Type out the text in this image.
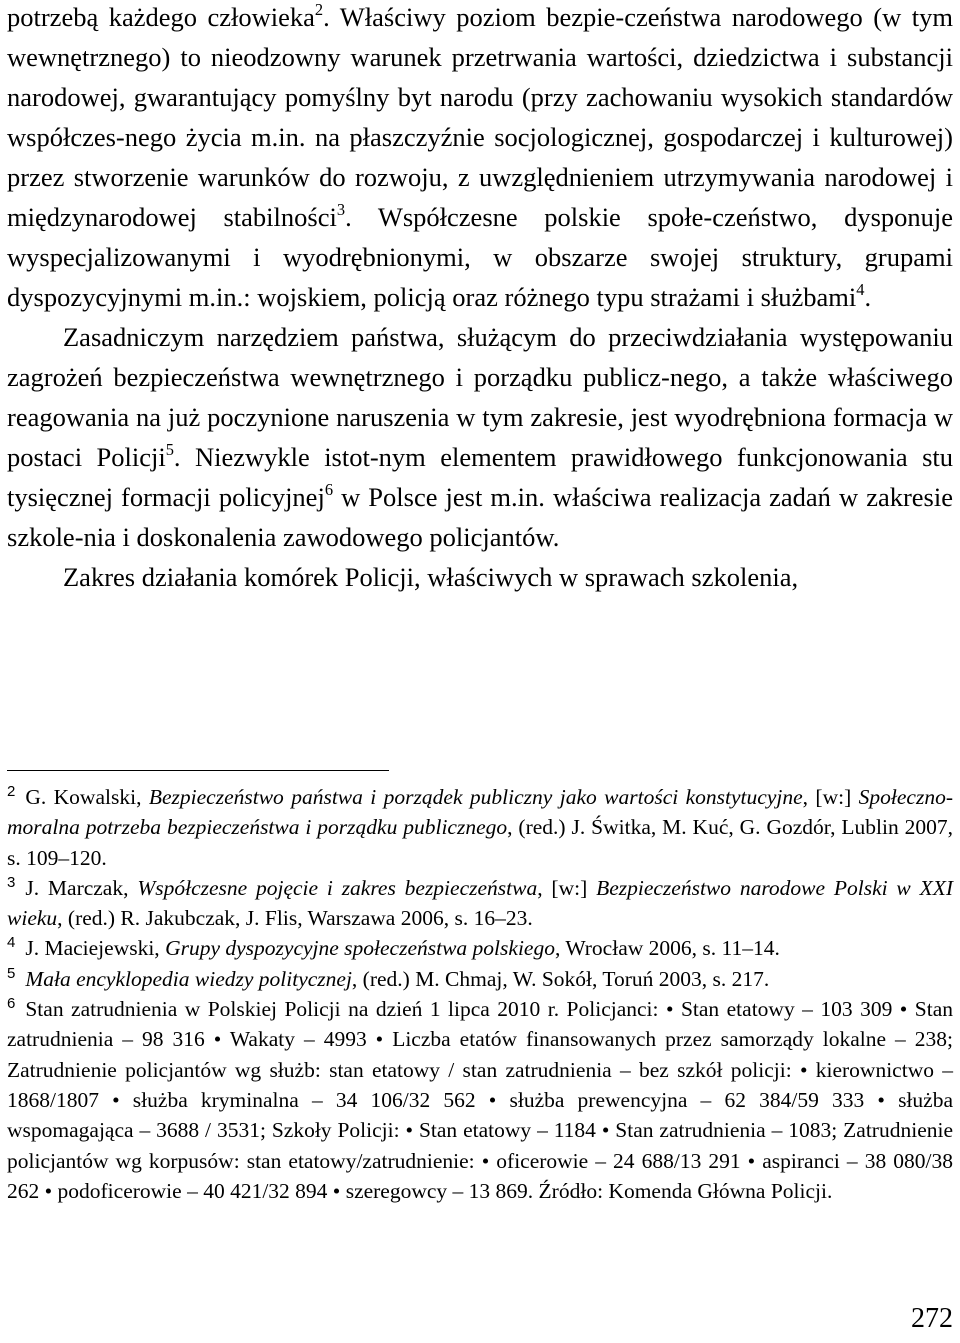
potrzebą każdego człowieka$^2$. Właściwy poziom bezpie-czeństwa narodowego (w tym wewnętrznego) to nieodzowny warunek przetrwania wartości, dziedzictwa i substancji narodowej, gwarantujący pomyślny byt narodu (przy zachowaniu wysokich standardów współczes-nego życia m.in. na płaszczyźnie socjologicznej, gospodarczej i kulturowej) przez stworzenie warunków do rozwoju, z uwzględnieniem utrzymywania narodowej i międzynarodowej stabilności$^3$. Współczesne polskie społe-czeństwo, dysponuje wyspecjalizowanymi i wyodrębnionymi, w obszarze swojej struktury, grupami dyspozycyjnymi m.in.: wojskiem, policją oraz różnego typu strażami i służbami$^4$.

Zasadniczym narzędziem państwa, służącym do przeciwdziałania występowaniu zagrożeń bezpieczeństwa wewnętrznego i porządku publicz-nego, a także właściwego reagowania na już poczynione naruszenia w tym zakresie, jest wyodrębniona formacja w postaci Policji$^5$. Niezwykle istot-nym elementem prawidłowego funkcjonowania stu tysięcznej formacji policyjnej$^6$ w Polsce jest m.in. właściwa realizacja zadań w zakresie szkole-nia i doskonalenia zawodowego policjantów.

Zakres działania komórek Policji, właściwych w sprawach szkolenia,

$^2$ G. Kowalski, Bezpieczeństwo państwa i porządek publiczny jako wartości konstytucyjne, [w:] Społeczno-moralna potrzeba bezpieczeństwa i porządku publicznego, (red.) J. Świtka, M. Kuć, G. Gozdór, Lublin 2007, s. 109–120.

$^3$ J. Marczak, Współczesne pojęcie i zakres bezpieczeństwa, [w:] Bezpieczeństwo narodowe Polski w XXI wieku, (red.) R. Jakubczak, J. Flis, Warszawa 2006, s. 16–23.

$^4$ J. Maciejewski, Grupy dyspozycyjne społeczeństwa polskiego, Wrocław 2006, s. 11–14.

$^5$ Mała encyklopedia wiedzy politycznej, (red.) M. Chmaj, W. Sokół, Toruń 2003, s. 217.

$^6$ Stan zatrudnienia w Polskiej Policji na dzień 1 lipca 2010 r. Policjanci: • Stan etatowy – 103 309 • Stan zatrudnienia – 98 316 • Wakaty – 4993 • Liczba etatów finansowanych przez samorządy lokalne – 238; Zatrudnienie policjantów wg służb: stan etatowy / stan zatrudnienia – bez szkół policji: • kierownictwo – 1868/1807 • służba kryminalna – 34 106/32 562 • służba prewencyjna – 62 384/59 333 • służba wspomagająca – 3688 / 3531; Szkoły Policji: • Stan etatowy – 1184 • Stan zatrudnienia – 1083; Zatrudnienie policjantów wg korpusów: stan etatowy/zatrudnienie: • oficerowie – 24 688/13 291 • aspiranci – 38 080/38 262 • podoficerowie – 40 421/32 894 • szeregowcy – 13 869. Źródło: Komenda Główna Policji.

272
